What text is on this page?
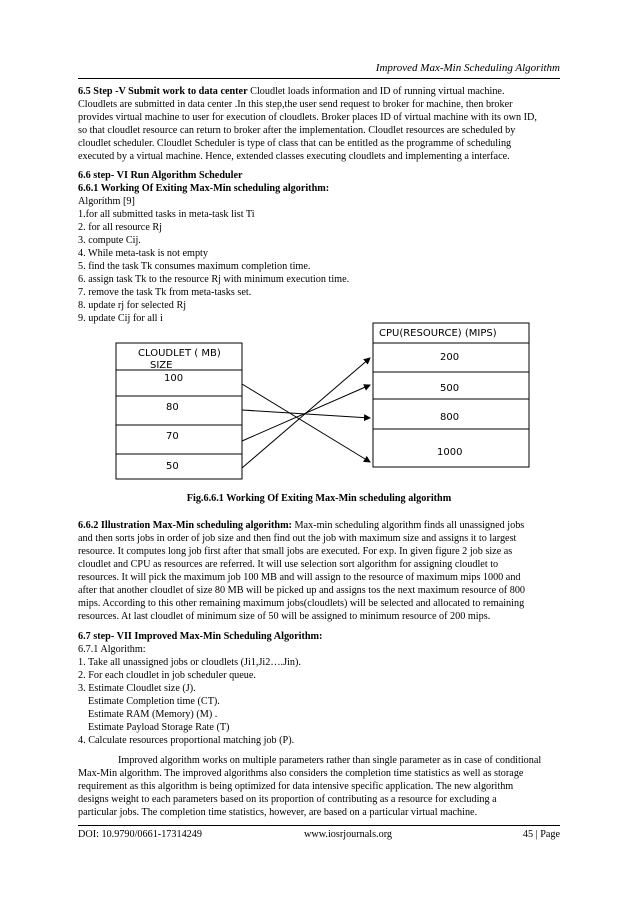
Improved Max-Min Scheduling Algorithm
6.5 Step -V Submit work to data center Cloudlet loads information and ID of running virtual machine.
Cloudlets are submitted in data center .In this step,the user send request to broker for machine, then broker
provides virtual machine to user for execution of cloudlets. Broker places ID of virtual machine with its own ID,
so that cloudlet resource can return to broker after the implementation. Cloudlet resources are scheduled by
cloudlet scheduler. Cloudlet Scheduler is type of class that can be entitled as the programme of scheduling
executed by a virtual machine. Hence, extended classes executing cloudlets and implementing a interface.
6.6 step- VI Run Algorithm Scheduler
6.6.1 Working Of Exiting Max-Min scheduling algorithm:
Algorithm [9]
1.for all submitted tasks in meta-task list Ti
2. for all resource Rj
3. compute Cij.
4. While meta-task is not empty
5. find the task Tk consumes maximum completion time.
6. assign task Tk to the resource Rj with minimum execution time.
7. remove the task Tk from meta-tasks set.
8. update rj for selected Rj
9. update Cij for all i
CLOUDLET ( MB)
SIZE
100
80
70
50
CPU(RESOURCE) (MIPS)
200
500
800
1000
Fig.6.6.1 Working Of Exiting Max-Min scheduling algorithm
6.6.2 Illustration Max-Min scheduling algorithm: Max-min scheduling algorithm finds all unassigned jobs
and then sorts jobs in order of job size and then find out the job with maximum size and assigns it to largest
resource. It computes long job first after that small jobs are executed. For exp. In given figure 2 job size as
cloudlet and CPU as resources are referred. It will use selection sort algorithm for assigning cloudlet to
resources. It will pick the maximum job 100 MB and will assign to the resource of maximum mips 1000 and
after that another cloudlet of size 80 MB will be picked up and assigns tos the next maximum resource of 800
mips. According to this other remaining maximum jobs(cloudlets) will be selected and allocated to remaining
resources. At last cloudlet of minimum size of 50 will be assigned to minimum resource of 200 mips.
6.7 step- VII Improved Max-Min Scheduling Algorithm:
6.7.1 Algorithm:
1. Take all unassigned jobs or cloudlets (Ji1,Ji2….Jin).
2. For each cloudlet in job scheduler queue.
3. Estimate Cloudlet size (J).
Estimate Completion time (CT).
Estimate RAM (Memory) (M) .
Estimate Payload Storage Rate (T)
4. Calculate resources proportional matching job (P).
Improved algorithm works on multiple parameters rather than single parameter as in case of conditional
Max-Min algorithm. The improved algorithms also considers the completion time statistics as well as storage
requirement as this algorithm is being optimized for data intensive specific application. The new algorithm
designs weight to each parameters based on its proportion of contributing as a resource for excluding a
particular jobs. The completion time statistics, however, are based on a particular virtual machine.
DOI: 10.9790/0661-17314249	www.iosrjournals.org	45 | Page
